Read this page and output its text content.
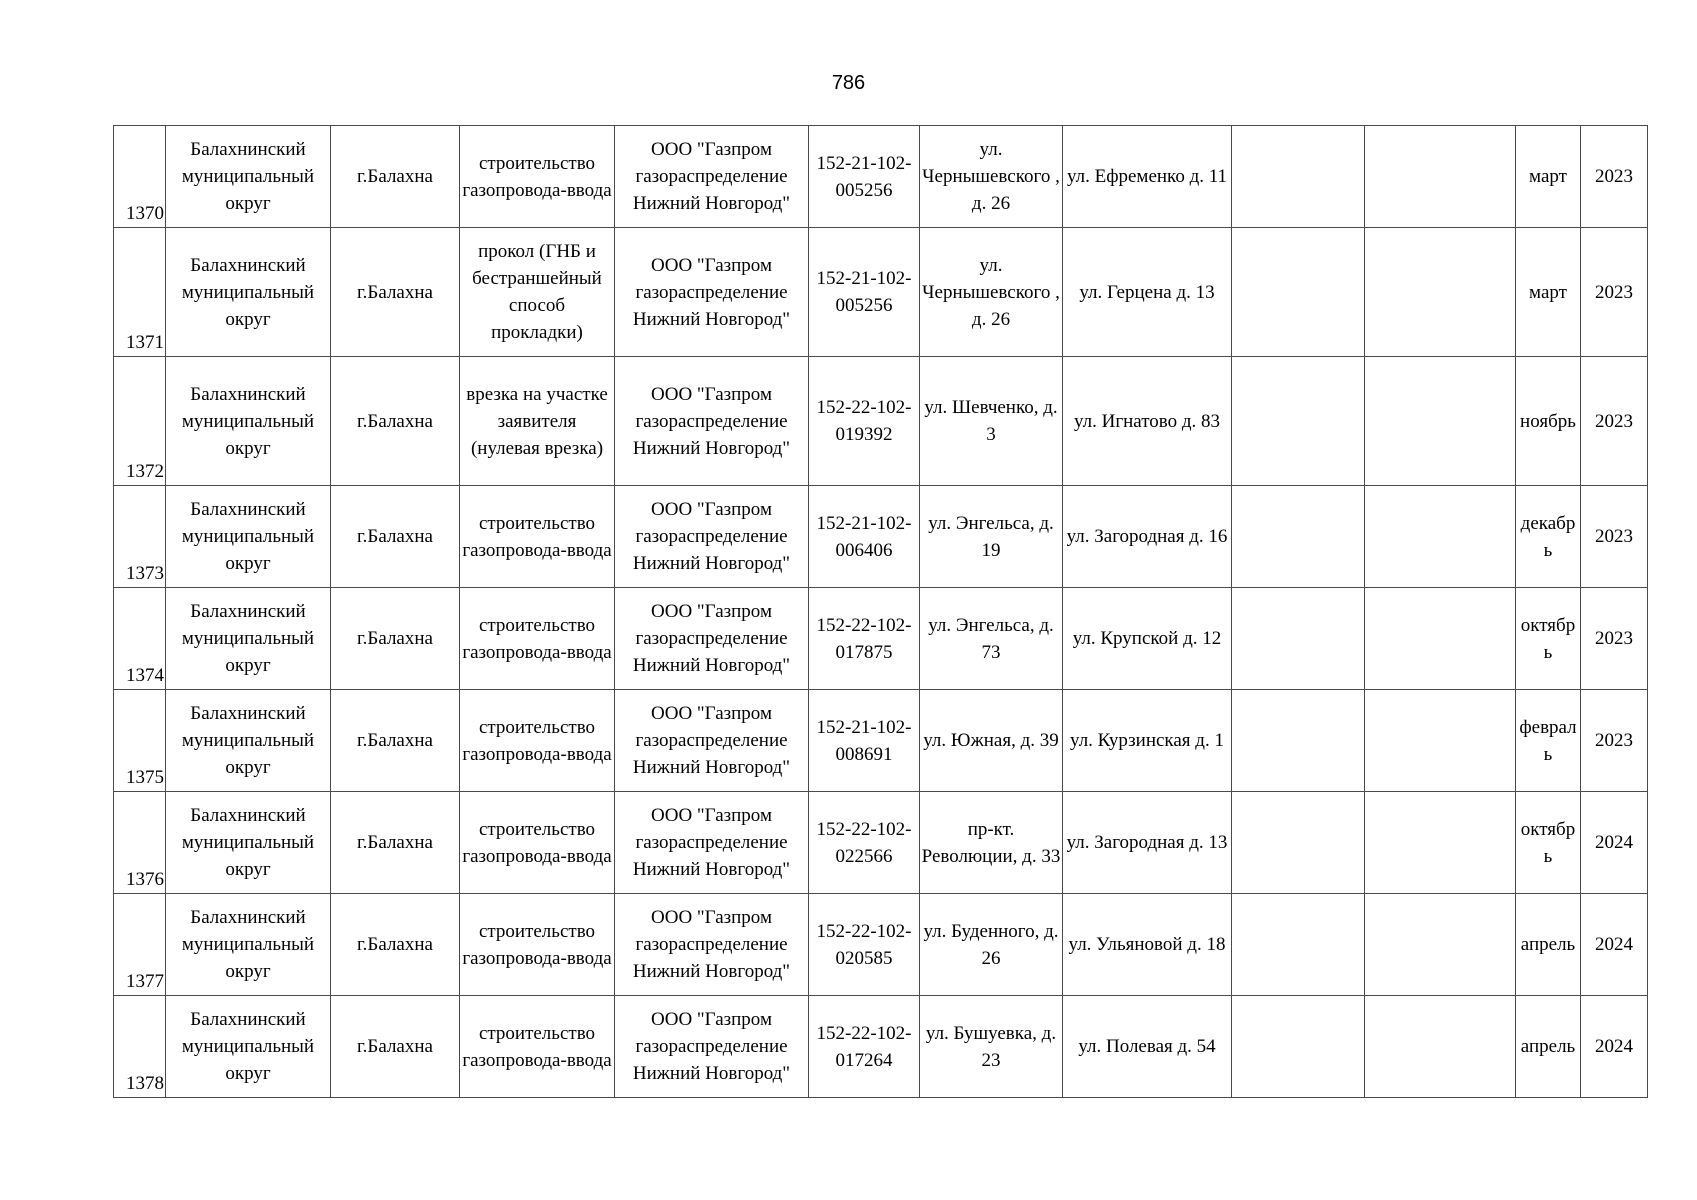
786
1370	Балахнинский муниципальный округ	г.Балахна	строительство газопровода-ввода	ООО "Газпром газораспределение Нижний Новгород"	152-21-102-005256	ул. Чернышевского , д. 26	ул. Ефременко д. 11			март	2023
1371	Балахнинский муниципальный округ	г.Балахна	прокол (ГНБ и бестраншейный способ прокладки)	ООО "Газпром газораспределение Нижний Новгород"	152-21-102-005256	ул. Чернышевского , д. 26	ул. Герцена д. 13			март	2023
1372	Балахнинский муниципальный округ	г.Балахна	врезка на участке заявителя (нулевая врезка)	ООО "Газпром газораспределение Нижний Новгород"	152-22-102-019392	ул. Шевченко, д. 3	ул. Игнатово д. 83			ноябрь	2023
1373	Балахнинский муниципальный округ	г.Балахна	строительство газопровода-ввода	ООО "Газпром газораспределение Нижний Новгород"	152-21-102-006406	ул. Энгельса, д. 19	ул. Загородная д. 16			декабрь	2023
1374	Балахнинский муниципальный округ	г.Балахна	строительство газопровода-ввода	ООО "Газпром газораспределение Нижний Новгород"	152-22-102-017875	ул. Энгельса, д. 73	ул. Крупской д. 12			октябрь	2023
1375	Балахнинский муниципальный округ	г.Балахна	строительство газопровода-ввода	ООО "Газпром газораспределение Нижний Новгород"	152-21-102-008691	ул. Южная, д. 39	ул. Курзинская д. 1			февраль	2023
1376	Балахнинский муниципальный округ	г.Балахна	строительство газопровода-ввода	ООО "Газпром газораспределение Нижний Новгород"	152-22-102-022566	пр-кт. Революции, д. 33	ул. Загородная д. 13			октябрь	2024
1377	Балахнинский муниципальный округ	г.Балахна	строительство газопровода-ввода	ООО "Газпром газораспределение Нижний Новгород"	152-22-102-020585	ул. Буденного, д. 26	ул. Ульяновой д. 18			апрель	2024
1378	Балахнинский муниципальный округ	г.Балахна	строительство газопровода-ввода	ООО "Газпром газораспределение Нижний Новгород"	152-22-102-017264	ул. Бушуевка, д. 23	ул. Полевая д. 54			апрель	2024
